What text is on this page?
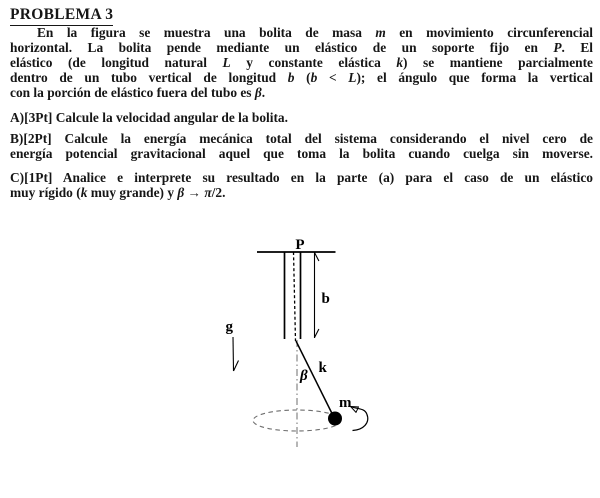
PROBLEMA 3
En la figura se muestra una bolita de masa m en movimiento circunferencial
horizontal. La bolita pende mediante un elástico de un soporte fijo en P. El
elástico (de longitud natural L y constante elástica k) se mantiene parcialmente
dentro de un tubo vertical de longitud b (b < L); el ángulo que forma la vertical
con la porción de elástico fuera del tubo es β.
A)[3Pt] Calcule la velocidad angular de la bolita.
B)[2Pt] Calcule la energía mecánica total del sistema considerando el nivel cero de
energía potencial gravitacional aquel que toma la bolita cuando cuelga sin moverse.
C)[1Pt] Analice e interprete su resultado en la parte (a) para el caso de un elástico
muy rígido (k muy grande) y β → π/2.
P
b
g
k
β
m
